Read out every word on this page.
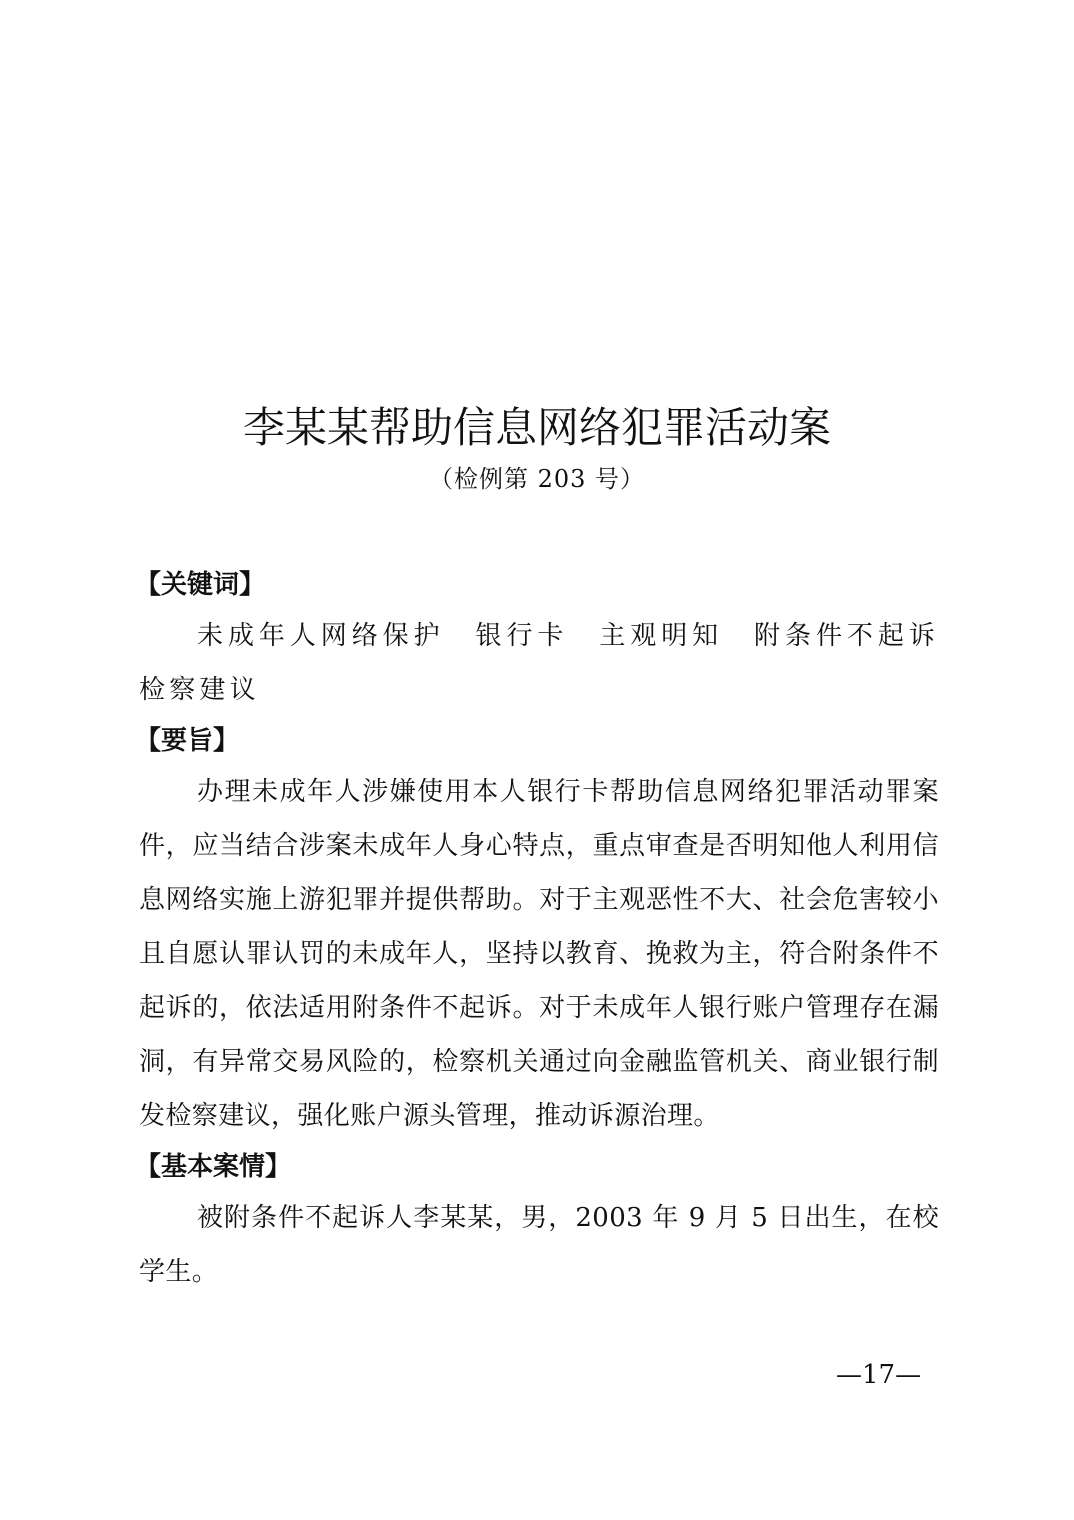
李某某帮助信息网络犯罪活动案
（检例第 203 号）
【关键词】
未成年人网络保护　银行卡　主观明知　附条件不起诉　检察建议
【要旨】
办理未成年人涉嫌使用本人银行卡帮助信息网络犯罪活动罪案件，应当结合涉案未成年人身心特点，重点审查是否明知他人利用信息网络实施上游犯罪并提供帮助。对于主观恶性不大、社会危害较小且自愿认罪认罚的未成年人，坚持以教育、挽救为主，符合附条件不起诉的，依法适用附条件不起诉。对于未成年人银行账户管理存在漏洞，有异常交易风险的，检察机关通过向金融监管机关、商业银行制发检察建议，强化账户源头管理，推动诉源治理。
【基本案情】
被附条件不起诉人李某某，男，2003 年 9 月 5 日出生，在校学生。
—17—
